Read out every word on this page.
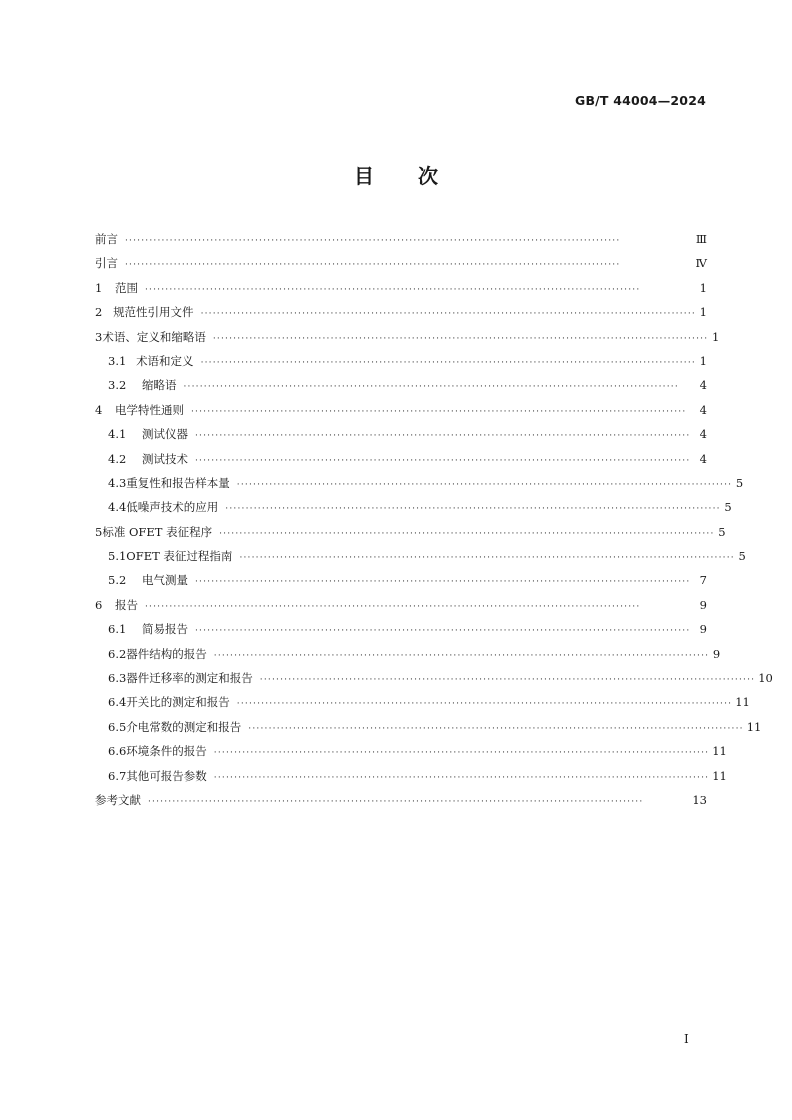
GB/T 44004—2024
目 次
前言 ··························································································································	Ⅲ
引言 ··························································································································	Ⅳ
1	范围 ··························································································································	1
2 规范性引用文件 ·························································································································· 1
3 术语、定义和缩略语 ·························································································································· 1
3.1 术语和定义 ·························································································································· 1
3.2	缩略语 ··························································································································	4
4	电学特性通则 ··························································································································	4
4.1	测试仪器 ·························································································································· 4
4.2	测试技术 ·························································································································· 4
4.3 重复性和报告样本量 ·························································································································· 5
4.4 低噪声技术的应用 ·························································································································· 5
5 标准 OFET 表征程序 ·························································································································· 5
5.1 OFET 表征过程指南 ·························································································································· 5
5.2	电气测量 ·························································································································· 7
6	报告 ··························································································································	9
6.1	简易报告 ·························································································································· 9
6.2 器件结构的报告 ·························································································································· 9
6.3 器件迁移率的测定和报告 ·························································································································· 10
6.4 开关比的测定和报告 ·························································································································· 11
6.5 介电常数的测定和报告 ·························································································································· 11
6.6 环境条件的报告 ·························································································································· 11
6.7 其他可报告参数 ·························································································································· 11
参考文献 ··························································································································	13
Ⅰ
